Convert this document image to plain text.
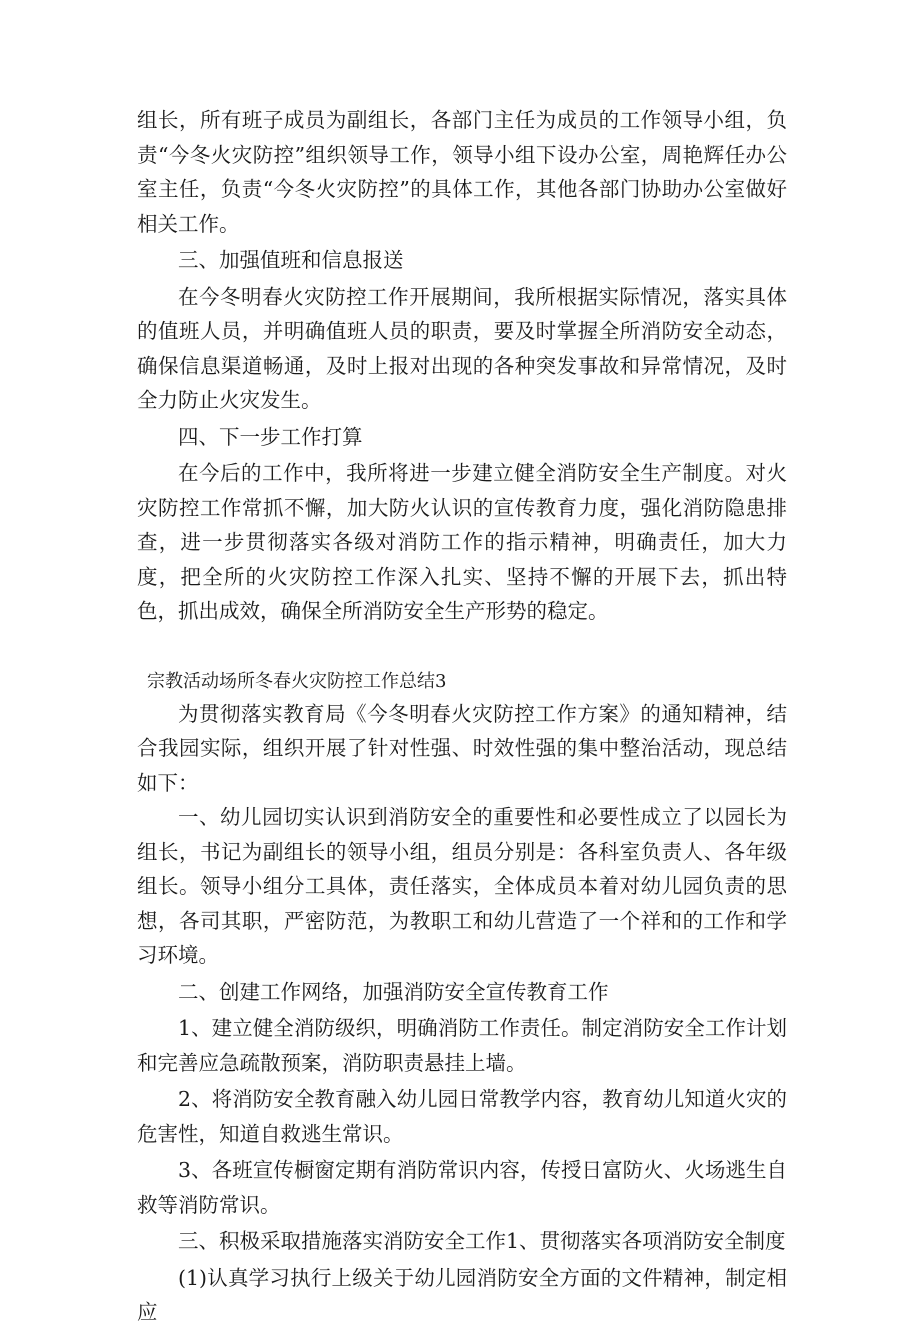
组长，所有班子成员为副组长，各部门主任为成员的工作领导小组，负责“今冬火灾防控”组织领导工作，领导小组下设办公室，周艳辉任办公室主任，负责“今冬火灾防控”的具体工作，其他各部门协助办公室做好相关工作。

三、加强值班和信息报送

在今冬明春火灾防控工作开展期间，我所根据实际情况，落实具体的值班人员，并明确值班人员的职责，要及时掌握全所消防安全动态，确保信息渠道畅通，及时上报对出现的各种突发事故和异常情况，及时全力防止火灾发生。

四、下一步工作打算

在今后的工作中，我所将进一步建立健全消防安全生产制度。对火灾防控工作常抓不懈，加大防火认识的宣传教育力度，强化消防隐患排查，进一步贯彻落实各级对消防工作的指示精神，明确责任，加大力度，把全所的火灾防控工作深入扎实、坚持不懈的开展下去，抓出特色，抓出成效，确保全所消防安全生产形势的稳定。

宗教活动场所冬春火灾防控工作总结3

为贯彻落实教育局《今冬明春火灾防控工作方案》的通知精神，结合我园实际，组织开展了针对性强、时效性强的集中整治活动，现总结如下：

一、幼儿园切实认识到消防安全的重要性和必要性成立了以园长为组长，书记为副组长的领导小组，组员分别是：各科室负责人、各年级组长。领导小组分工具体，责任落实，全体成员本着对幼儿园负责的思想，各司其职，严密防范，为教职工和幼儿营造了一个祥和的工作和学习环境。

二、创建工作网络，加强消防安全宣传教育工作

1、建立健全消防级织，明确消防工作责任。制定消防安全工作计划和完善应急疏散预案，消防职责悬挂上墙。

2、将消防安全教育融入幼儿园日常教学内容，教育幼儿知道火灾的危害性，知道自救逃生常识。

3、各班宣传橱窗定期有消防常识内容，传授日富防火、火场逃生自救等消防常识。

三、积极采取措施落实消防安全工作1、贯彻落实各项消防安全制度

(1)认真学习执行上级关于幼儿园消防安全方面的文件精神，制定相应
